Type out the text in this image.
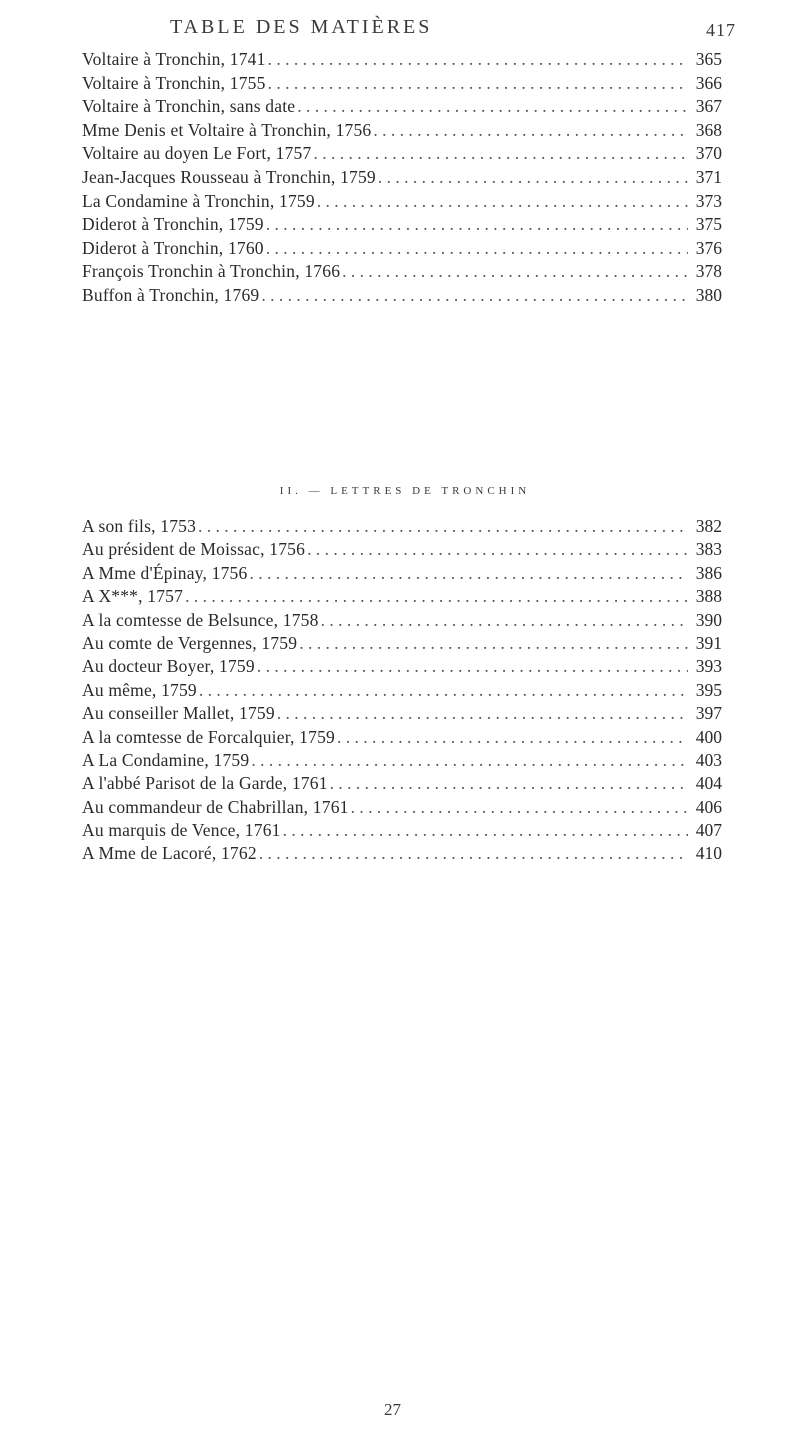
TABLE DES MATIÈRES	417
Voltaire à Tronchin, 1741 . . .	365
Voltaire à Tronchin, 1755 . . .	366
Voltaire à Tronchin, sans date . . .	367
Mme Denis et Voltaire à Tronchin, 1756 . . .	368
Voltaire au doyen Le Fort, 1757 . . .	370
Jean-Jacques Rousseau à Tronchin, 1759 . . .	371
La Condamine à Tronchin, 1759 . . .	373
Diderot à Tronchin, 1759 . . .	375
Diderot à Tronchin, 1760 . . .	376
François Tronchin à Tronchin, 1766 . . .	378
Buffon à Tronchin, 1769 . . .	380
II. — LETTRES DE TRONCHIN
A son fils, 1753 . . .	382
Au président de Moissac, 1756 . . .	383
A Mme d'Épinay, 1756 . . .	386
A X***, 1757 . . .	388
A la comtesse de Belsunce, 1758 . . .	390
Au comte de Vergennes, 1759 . . .	391
Au docteur Boyer, 1759 . . .	393
Au même, 1759 . . .	395
Au conseiller Mallet, 1759 . . .	397
A la comtesse de Forcalquier, 1759 . . .	400
A La Condamine, 1759 . . .	403
A l'abbé Parisot de la Garde, 1761 . . .	404
Au commandeur de Chabrillan, 1761 . . .	406
Au marquis de Vence, 1761 . . .	407
A Mme de Lacoré, 1762 . . .	410
27
